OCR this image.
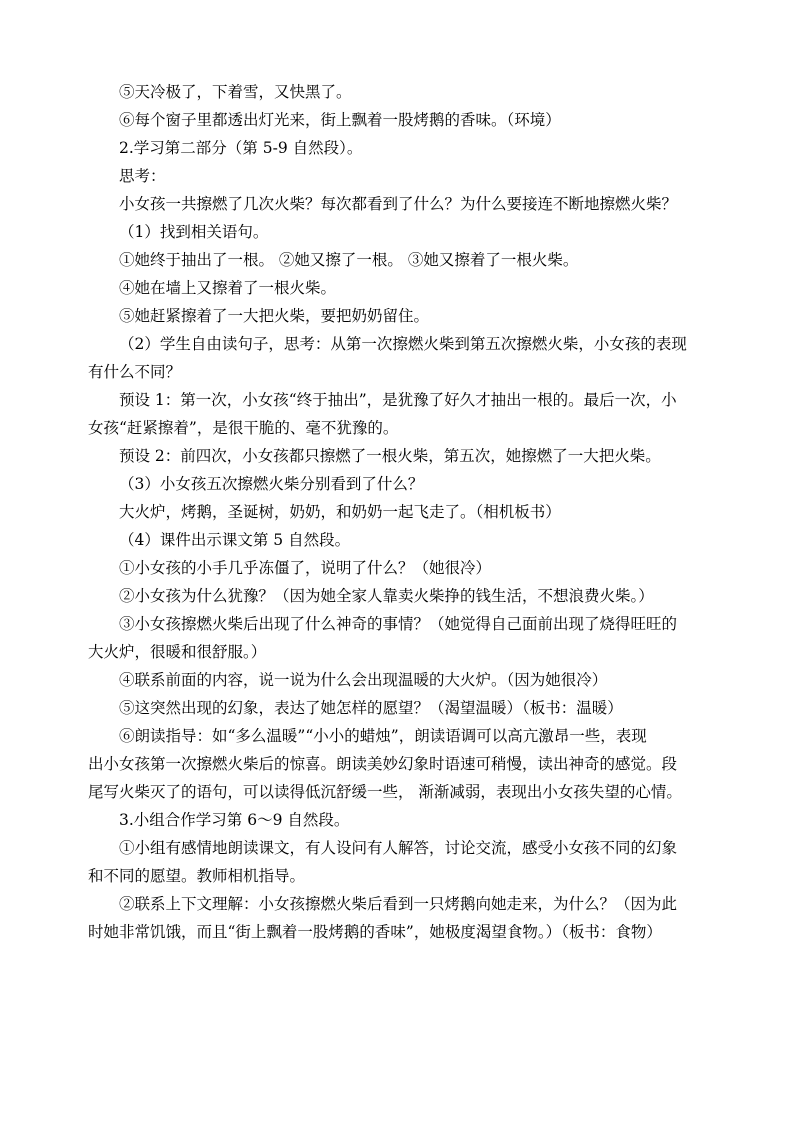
⑤天冷极了，下着雪，又快黑了。

⑥每个窗子里都透出灯光来，街上飘着一股烤鹅的香味。（环境）

2.学习第二部分（第 5-9 自然段）。

思考：

小女孩一共擦燃了几次火柴？每次都看到了什么？为什么要接连不断地擦燃火柴？

（1）找到相关语句。

①她终于抽出了一根。 ②她又擦了一根。 ③她又擦着了一根火柴。

④她在墙上又擦着了一根火柴。

⑤她赶紧擦着了一大把火柴，要把奶奶留住。

（2）学生自由读句子，思考：从第一次擦燃火柴到第五次擦燃火柴，小女孩的表现

有什么不同？

预设 1：第一次，小女孩“终于抽出”，是犹豫了好久才抽出一根的。最后一次，小

女孩“赶紧擦着”，是很干脆的、毫不犹豫的。

预设 2：前四次，小女孩都只擦燃了一根火柴，第五次，她擦燃了一大把火柴。

（3）小女孩五次擦燃火柴分别看到了什么？

大火炉，烤鹅，圣诞树，奶奶，和奶奶一起飞走了。（相机板书）

（4）课件出示课文第 5 自然段。

①小女孩的小手几乎冻僵了，说明了什么？（她很冷）

②小女孩为什么犹豫？（因为她全家人靠卖火柴挣的钱生活，不想浪费火柴。）

③小女孩擦燃火柴后出现了什么神奇的事情？（她觉得自己面前出现了烧得旺旺的

大火炉，很暖和很舒服。）

④联系前面的内容，说一说为什么会出现温暖的大火炉。（因为她很冷）

⑤这突然出现的幻象，表达了她怎样的愿望？（渴望温暖）（板书：温暖）

⑥朗读指导：如“多么温暖”“小小的蜡烛”，朗读语调可以高亢激昂一些，表现

出小女孩第一次擦燃火柴后的惊喜。朗读美妙幻象时语速可稍慢，读出神奇的感觉。段

尾写火柴灭了的语句，可以读得低沉舒缓一些， 渐渐减弱，表现出小女孩失望的心情。

3.小组合作学习第 6～9 自然段。

①小组有感情地朗读课文，有人设问有人解答，讨论交流，感受小女孩不同的幻象

和不同的愿望。教师相机指导。

②联系上下文理解：小女孩擦燃火柴后看到一只烤鹅向她走来，为什么？（因为此

时她非常饥饿，而且“街上飘着一股烤鹅的香味”，她极度渴望食物。）（板书：食物）
